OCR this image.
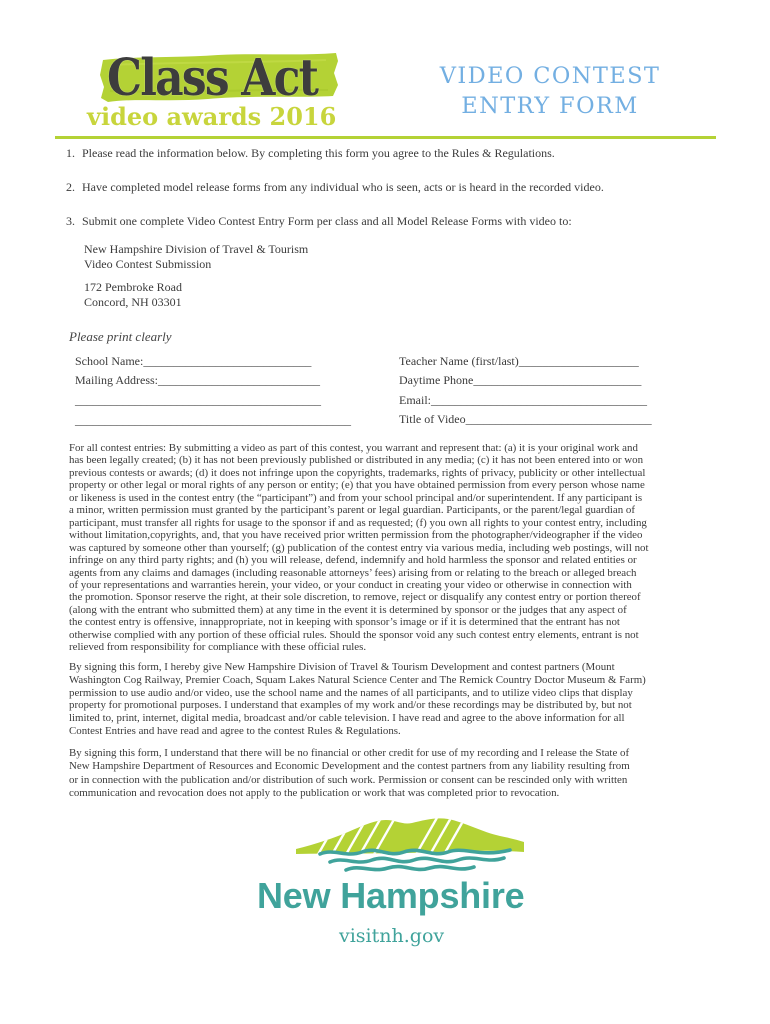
Class Act
video awards 2016
VIDEO CONTEST
ENTRY FORM
1. Please read the information below. By completing this form you agree to the Rules & Regulations.
2. Have completed model release forms from any individual who is seen, acts or is heard in the recorded video.
3. Submit one complete Video Contest Entry Form per class and all Model Release Forms with video to:
New Hampshire Division of Travel & Tourism
Video Contest Submission
172 Pembroke Road
Concord, NH 03301
Please print clearly
School Name:____________________________
Mailing Address:___________________________
_________________________________________
______________________________________________
Teacher Name (first/last)____________________
Daytime Phone____________________________
Email:____________________________________
Title of Video_______________________________
For all contest entries: By submitting a video as part of this contest, you warrant and represent that: (a) it is your original work and
has been legally created; (b) it has not been previously published or distributed in any media; (c) it has not been entered into or won
previous contests or awards; (d) it does not infringe upon the copyrights, trademarks, rights of privacy, publicity or other intellectual
property or other legal or moral rights of any person or entity; (e) that you have obtained permission from every person whose name
or likeness is used in the contest entry (the “participant”) and from your school principal and/or superintendent. If any participant is
a minor, written permission must granted by the participant’s parent or legal guardian. Participants, or the parent/legal guardian of
participant, must transfer all rights for usage to the sponsor if and as requested; (f) you own all rights to your contest entry, including
without limitation,copyrights, and, that you have received prior written permission from the photographer/videographer if the video
was captured by someone other than yourself; (g) publication of the contest entry via various media, including web postings, will not
infringe on any third party rights; and (h) you will release, defend, indemnify and hold harmless the sponsor and related entities or
agents from any claims and damages (including reasonable attorneys’ fees) arising from or relating to the breach or alleged breach
of your representations and warranties herein, your video, or your conduct in creating your video or otherwise in connection with
the promotion. Sponsor reserve the right, at their sole discretion, to remove, reject or disqualify any contest entry or portion thereof
(along with the entrant who submitted them) at any time in the event it is determined by sponsor or the judges that any aspect of
the contest entry is offensive, innappropriate, not in keeping with sponsor’s image or if it is determined that the entrant has not
otherwise complied with any portion of these official rules. Should the sponsor void any such contest entry elements, entrant is not
relieved from responsibility for compliance with these official rules.
By signing this form, I hereby give New Hampshire Division of Travel & Tourism Development and contest partners (Mount
Washington Cog Railway, Premier Coach, Squam Lakes Natural Science Center and The Remick Country Doctor Museum & Farm)
permission to use audio and/or video, use the school name and the names of all participants, and to utilize video clips that display
property for promotional purposes. I understand that examples of my work and/or these recordings may be distributed by, but not
limited to, print, internet, digital media, broadcast and/or cable television. I have read and agree to the above information for all
Contest Entries and have read and agree to the contest Rules & Regulations.
By signing this form, I understand that there will be no financial or other credit for use of my recording and I release the State of
New Hampshire Department of Resources and Economic Development and the contest partners from any liability resulting from
or in connection with the publication and/or distribution of such work. Permission or consent can be rescinded only with written
communication and revocation does not apply to the publication or work that was completed prior to revocation.
New Hampshire
visitnh.gov
